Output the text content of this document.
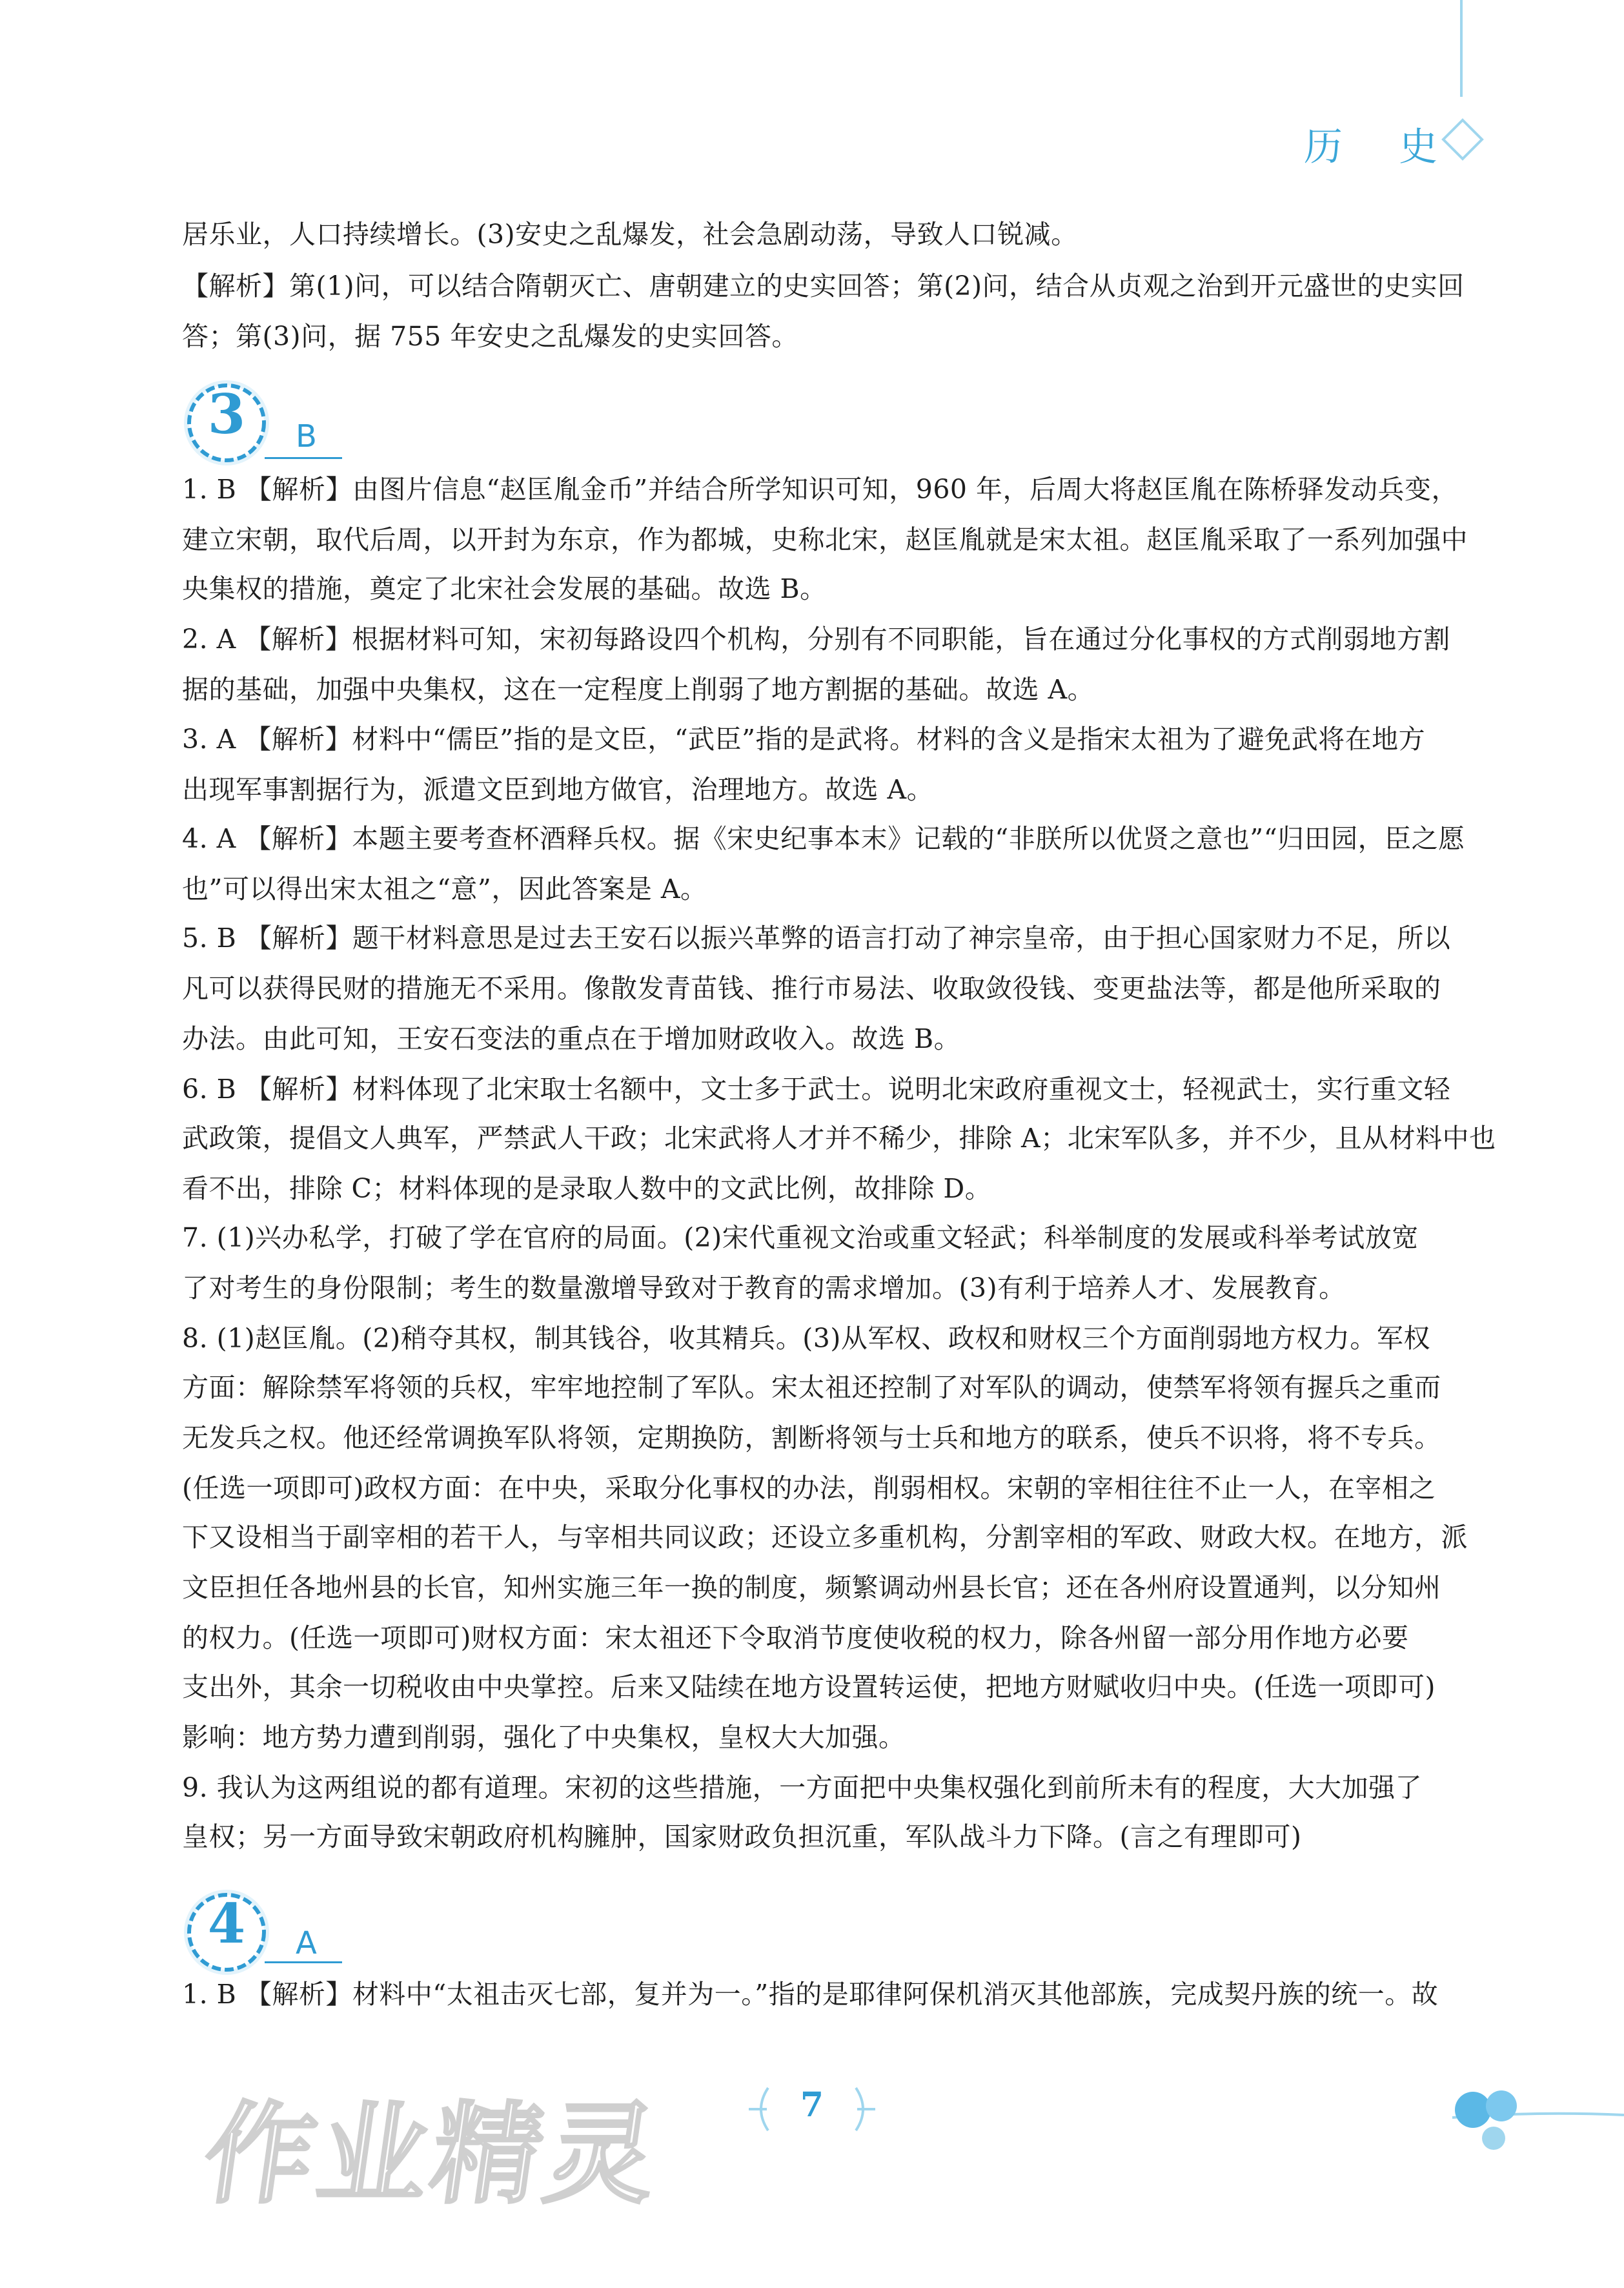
历 史
居乐业，人口持续增长。(3)安史之乱爆发，社会急剧动荡，导致人口锐减。
【解析】第(1)问，可以结合隋朝灭亡、唐朝建立的史实回答；第(2)问，结合从贞观之治到开元盛世的史实回
答；第(3)问，据 755 年安史之乱爆发的史实回答。
3	B
1. B 【解析】由图片信息“赵匡胤金币”并结合所学知识可知，960 年，后周大将赵匡胤在陈桥驿发动兵变，
建立宋朝，取代后周，以开封为东京，作为都城，史称北宋，赵匡胤就是宋太祖。赵匡胤采取了一系列加强中
央集权的措施，奠定了北宋社会发展的基础。故选 B。
2. A 【解析】根据材料可知，宋初每路设四个机构，分别有不同职能，旨在通过分化事权的方式削弱地方割
据的基础，加强中央集权，这在一定程度上削弱了地方割据的基础。故选 A。
3. A 【解析】材料中“儒臣”指的是文臣，“武臣”指的是武将。材料的含义是指宋太祖为了避免武将在地方
出现军事割据行为，派遣文臣到地方做官，治理地方。故选 A。
4. A 【解析】本题主要考查杯酒释兵权。据《宋史纪事本末》记载的“非朕所以优贤之意也”“归田园，臣之愿
也”可以得出宋太祖之“意”，因此答案是 A。
5. B 【解析】题干材料意思是过去王安石以振兴革弊的语言打动了神宗皇帝，由于担心国家财力不足，所以
凡可以获得民财的措施无不采用。像散发青苗钱、推行市易法、收取敛役钱、变更盐法等，都是他所采取的
办法。由此可知，王安石变法的重点在于增加财政收入。故选 B。
6. B 【解析】材料体现了北宋取士名额中，文士多于武士。说明北宋政府重视文士，轻视武士，实行重文轻
武政策，提倡文人典军，严禁武人干政；北宋武将人才并不稀少，排除 A；北宋军队多，并不少，且从材料中也
看不出，排除 C；材料体现的是录取人数中的文武比例，故排除 D。
7. (1)兴办私学，打破了学在官府的局面。(2)宋代重视文治或重文轻武；科举制度的发展或科举考试放宽
了对考生的身份限制；考生的数量激增导致对于教育的需求增加。(3)有利于培养人才、发展教育。
8. (1)赵匡胤。(2)稍夺其权，制其钱谷，收其精兵。(3)从军权、政权和财权三个方面削弱地方权力。军权
方面：解除禁军将领的兵权，牢牢地控制了军队。宋太祖还控制了对军队的调动，使禁军将领有握兵之重而
无发兵之权。他还经常调换军队将领，定期换防，割断将领与士兵和地方的联系，使兵不识将，将不专兵。
(任选一项即可)政权方面：在中央，采取分化事权的办法，削弱相权。宋朝的宰相往往不止一人，在宰相之
下又设相当于副宰相的若干人，与宰相共同议政；还设立多重机构，分割宰相的军政、财政大权。在地方，派
文臣担任各地州县的长官，知州实施三年一换的制度，频繁调动州县长官；还在各州府设置通判，以分知州
的权力。(任选一项即可)财权方面：宋太祖还下令取消节度使收税的权力，除各州留一部分用作地方必要
支出外，其余一切税收由中央掌控。后来又陆续在地方设置转运使，把地方财赋收归中央。(任选一项即可)
影响：地方势力遭到削弱，强化了中央集权，皇权大大加强。
9. 我认为这两组说的都有道理。宋初的这些措施，一方面把中央集权强化到前所未有的程度，大大加强了
皇权；另一方面导致宋朝政府机构臃肿，国家财政负担沉重，军队战斗力下降。(言之有理即可)
4	A
1. B 【解析】材料中“太祖击灭七部，复并为一。”指的是耶律阿保机消灭其他部族，完成契丹族的统一。故
7
作业精灵
